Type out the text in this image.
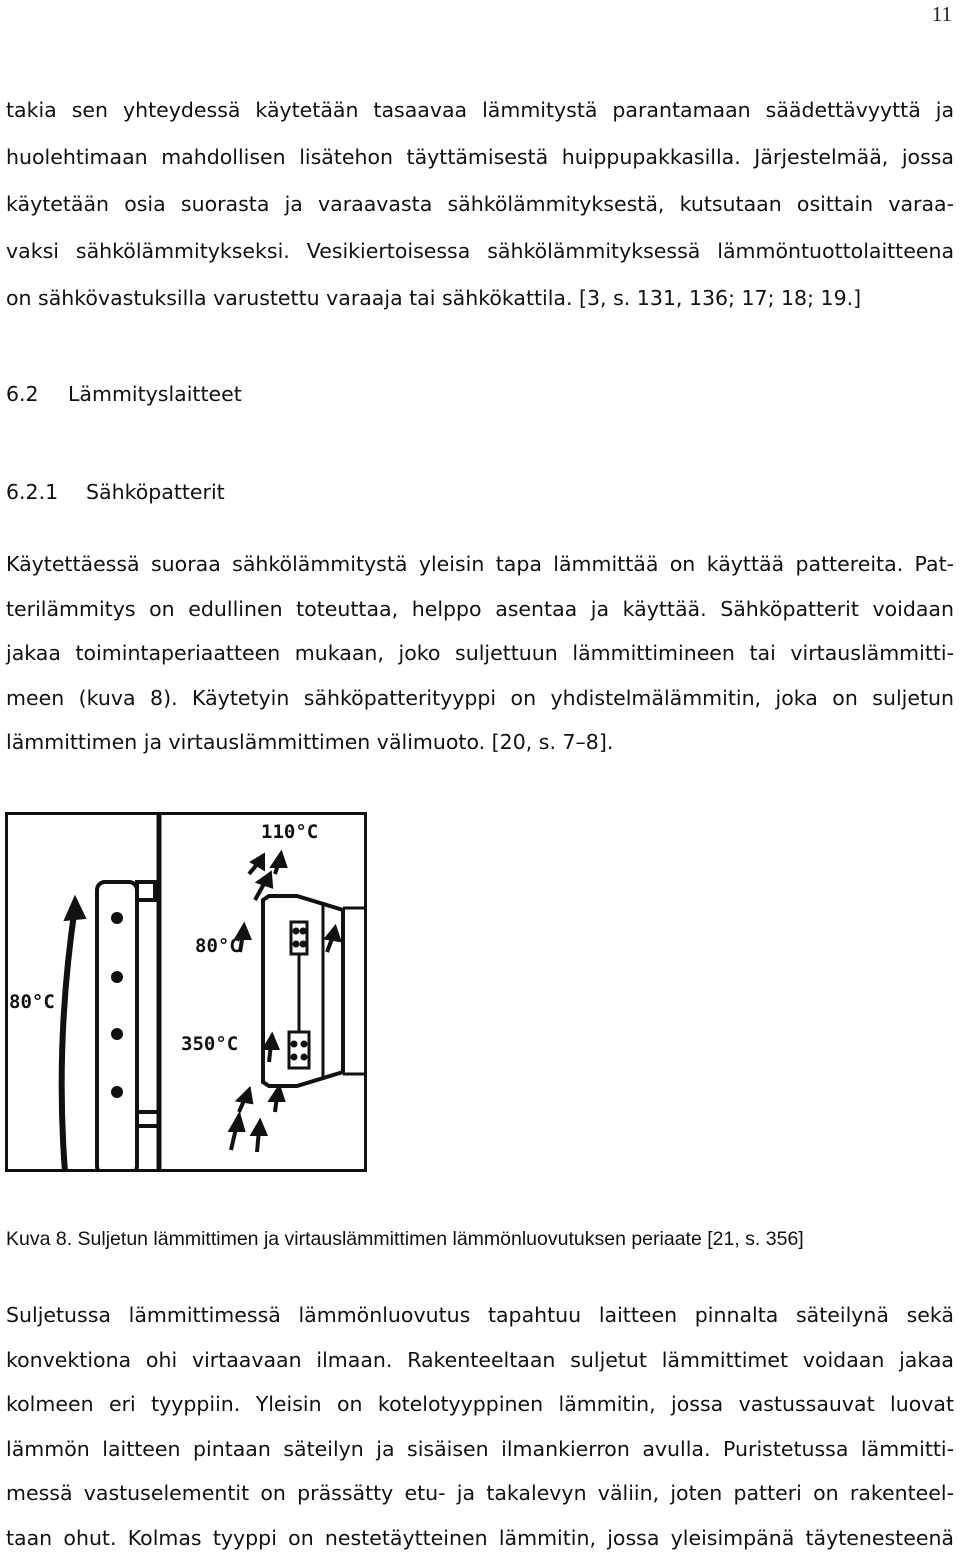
11
takia sen yhteydessä käytetään tasaavaa lämmitystä parantamaan säädettävyyttä ja
huolehtimaan mahdollisen lisätehon täyttämisestä huippupakkasilla. Järjestelmää, jossa
käytetään osia suorasta ja varaavasta sähkölämmityksestä, kutsutaan osittain varaa-
vaksi sähkölämmitykseksi. Vesikiertoisessa sähkölämmityksessä lämmöntuottolaitteena
on sähkövastuksilla varustettu varaaja tai sähkökattila. [3, s. 131, 136; 17; 18; 19.]
6.2 Lämmityslaitteet
6.2.1 Sähköpatterit
Käytettäessä suoraa sähkölämmitystä yleisin tapa lämmittää on käyttää pattereita. Pat-
terilämmitys on edullinen toteuttaa, helppo asentaa ja käyttää. Sähköpatterit voidaan
jakaa toimintaperiaatteen mukaan, joko suljettuun lämmittimineen tai virtauslämmitti-
meen (kuva 8). Käytetyin sähköpatterityyppi on yhdistelmälämmitin, joka on suljetun
lämmittimen ja virtauslämmittimen välimuoto. [20, s. 7–8].
110°C
80°C
80°C
350°C
Kuva 8. Suljetun lämmittimen ja virtauslämmittimen lämmönluovutuksen periaate [21, s. 356]
Suljetussa lämmittimessä lämmönluovutus tapahtuu laitteen pinnalta säteilynä sekä
konvektiona ohi virtaavaan ilmaan. Rakenteeltaan suljetut lämmittimet voidaan jakaa
kolmeen eri tyyppiin. Yleisin on kotelotyyppinen lämmitin, jossa vastussauvat luovat
lämmön laitteen pintaan säteilyn ja sisäisen ilmankierron avulla. Puristetussa lämmitti-
messä vastuselementit on prässätty etu- ja takalevyn väliin, joten patteri on rakenteel-
taan ohut. Kolmas tyyppi on nestetäytteinen lämmitin, jossa yleisimpänä täytenesteenä
